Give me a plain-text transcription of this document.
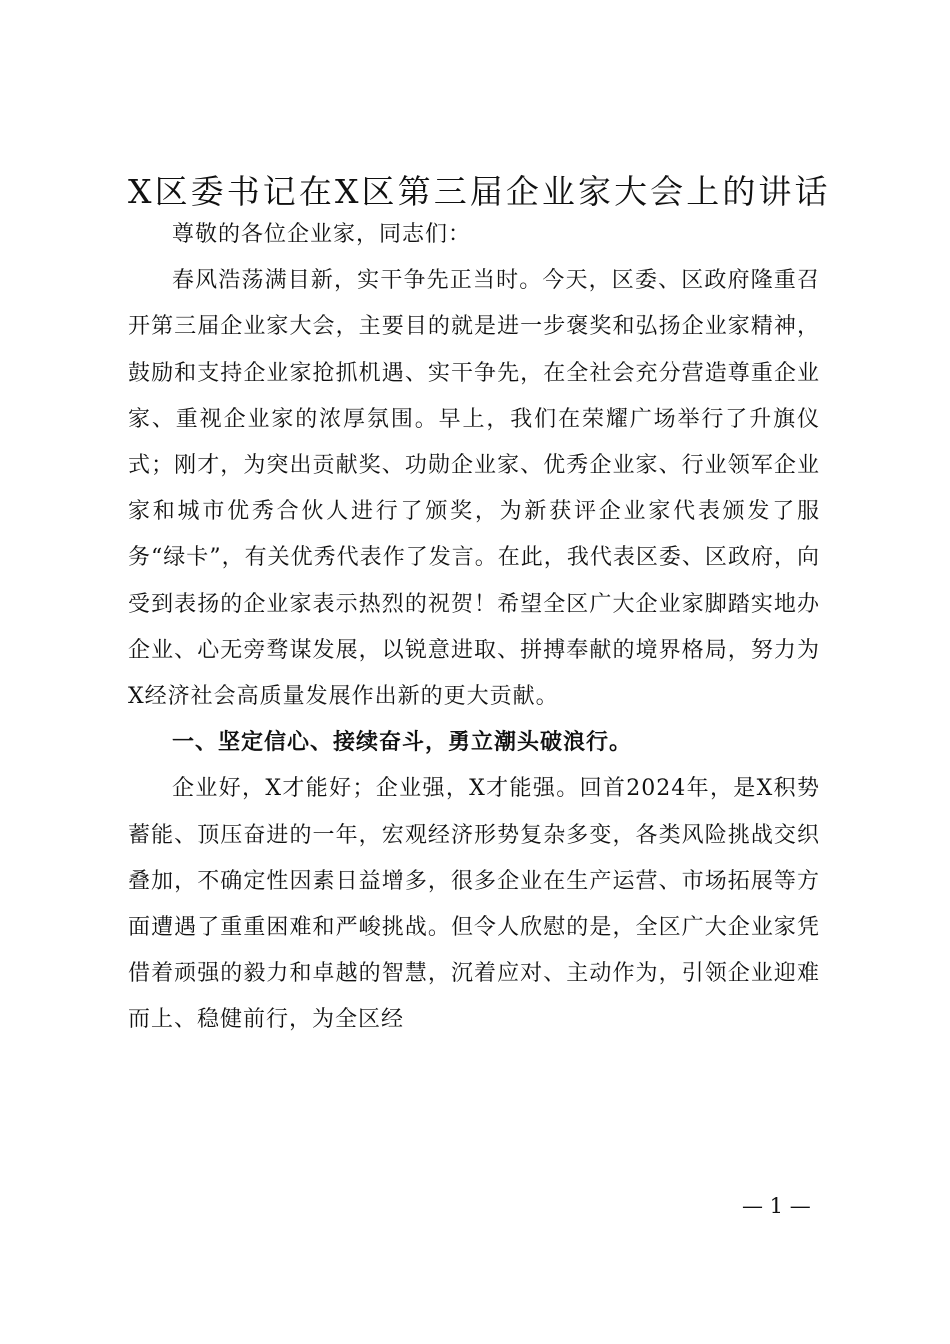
X区委书记在X区第三届企业家大会上的讲话

尊敬的各位企业家，同志们：

春风浩荡满目新，实干争先正当时。今天，区委、区政府隆重召开第三届企业家大会，主要目的就是进一步褒奖和弘扬企业家精神，鼓励和支持企业家抢抓机遇、实干争先，在全社会充分营造尊重企业家、重视企业家的浓厚氛围。早上，我们在荣耀广场举行了升旗仪式；刚才，为突出贡献奖、功勋企业家、优秀企业家、行业领军企业家和城市优秀合伙人进行了颁奖，为新获评企业家代表颁发了服务“绿卡”，有关优秀代表作了发言。在此，我代表区委、区政府，向受到表扬的企业家表示热烈的祝贺！希望全区广大企业家脚踏实地办企业、心无旁骛谋发展，以锐意进取、拼搏奉献的境界格局，努力为X经济社会高质量发展作出新的更大贡献。

一、坚定信心、接续奋斗，勇立潮头破浪行。

企业好，X才能好；企业强，X才能强。回首2024年，是X积势蓄能、顶压奋进的一年，宏观经济形势复杂多变，各类风险挑战交织叠加，不确定性因素日益增多，很多企业在生产运营、市场拓展等方面遭遇了重重困难和严峻挑战。但令人欣慰的是，全区广大企业家凭借着顽强的毅力和卓越的智慧，沉着应对、主动作为，引领企业迎难而上、稳健前行，为全区经

— 1 —
